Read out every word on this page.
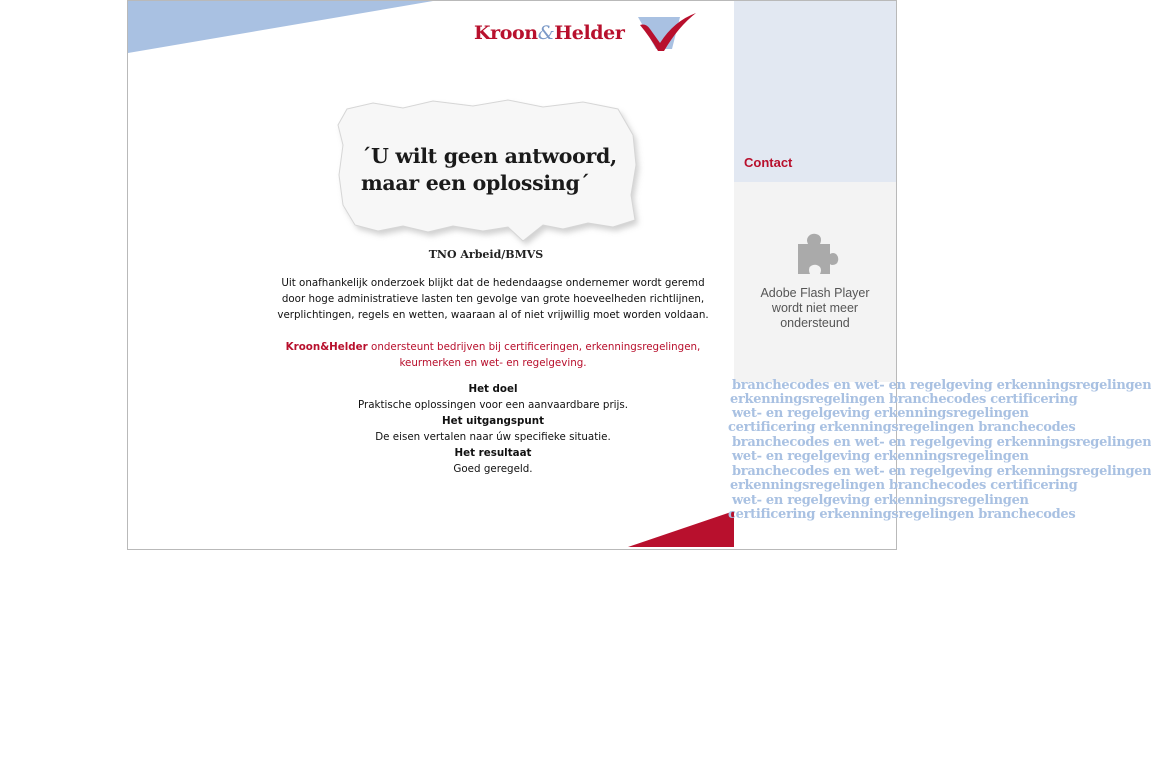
Kroon&Helder
´U wilt geen antwoord,
maar een oplossing´
TNO Arbeid/BMVS

Uit onafhankelijk onderzoek blijkt dat de hedendaagse ondernemer wordt geremd door hoge administratieve lasten ten gevolge van grote hoeveelheden richtlijnen, verplichtingen, regels en wetten, waaraan al of niet vrijwillig moet worden voldaan.

Kroon&Helder ondersteunt bedrijven bij certificeringen, erkenningsregelingen, keurmerken en wet- en regelgeving.

Het doel

Praktische oplossingen voor een aanvaardbare prijs.

Het uitgangspunt

De eisen vertalen naar úw specifieke situatie.

Het resultaat

Goed geregeld.

Contact
Adobe Flash Player
wordt niet meer
ondersteund
branchecodes en wet- en regelgeving erkenningsregelingen
erkenningsregelingen branchecodes certificering
wet- en regelgeving erkenningsregelingen
certificering erkenningsregelingen branchecodes
branchecodes en wet- en regelgeving erkenningsregelingen
wet- en regelgeving erkenningsregelingen
branchecodes en wet- en regelgeving erkenningsregelingen
erkenningsregelingen branchecodes certificering
wet- en regelgeving erkenningsregelingen
certificering erkenningsregelingen branchecodes
